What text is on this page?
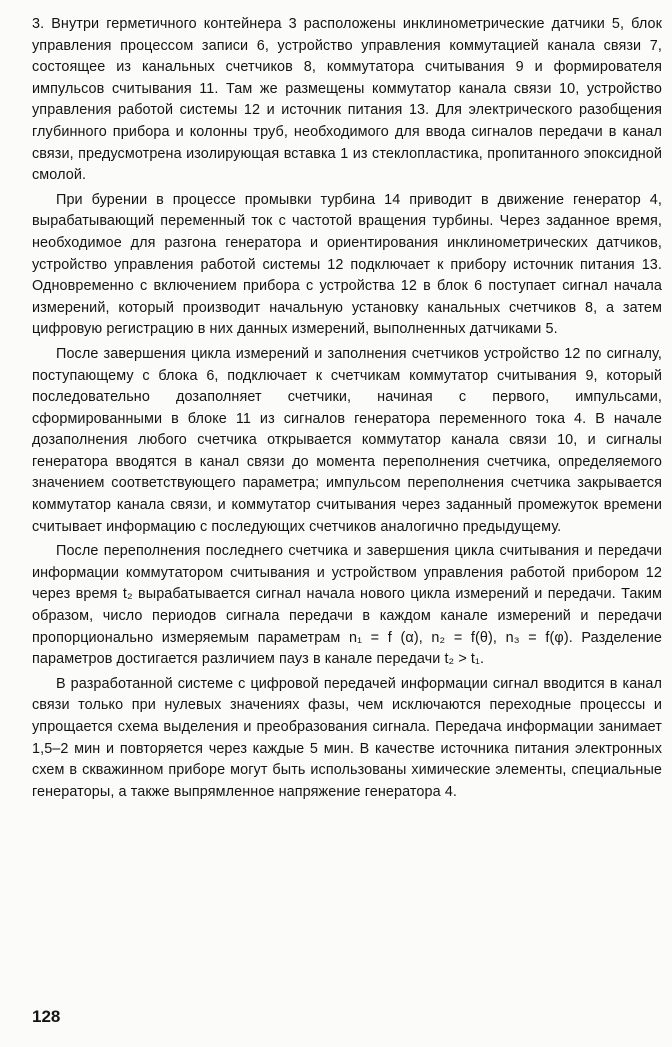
3. Внутри герметичного контейнера 3 расположены инклинометрические датчики 5, блок управления процессом записи 6, устройство управления коммутацией канала связи 7, состоящее из канальных счетчиков 8, коммутатора считывания 9 и формирователя импульсов считывания 11. Там же размещены коммутатор канала связи 10, устройство управления работой системы 12 и источник питания 13. Для электрического разобщения глубинного прибора и колонны труб, необходимого для ввода сигналов передачи в канал связи, предусмотрена изолирующая вставка 1 из стеклопластика, пропитанного эпоксидной смолой.

При бурении в процессе промывки турбина 14 приводит в движение генератор 4, вырабатывающий переменный ток с частотой вращения турбины. Через заданное время, необходимое для разгона генератора и ориентирования инклинометрических датчиков, устройство управления работой системы 12 подключает к прибору источник питания 13. Одновременно с включением прибора с устройства 12 в блок 6 поступает сигнал начала измерений, который производит начальную установку канальных счетчиков 8, а затем цифровую регистрацию в них данных измерений, выполненных датчиками 5.

После завершения цикла измерений и заполнения счетчиков устройство 12 по сигналу, поступающему с блока 6, подключает к счетчикам коммутатор считывания 9, который последовательно дозаполняет счетчики, начиная с первого, импульсами, сформированными в блоке 11 из сигналов генератора переменного тока 4. В начале дозаполнения любого счетчика открывается коммутатор канала связи 10, и сигналы генератора вводятся в канал связи до момента переполнения счетчика, определяемого значением соответствующего параметра; импульсом переполнения счетчика закрывается коммутатор канала связи, и коммутатор считывания через заданный промежуток времени считывает информацию с последующих счетчиков аналогично предыдущему.

После переполнения последнего счетчика и завершения цикла считывания и передачи информации коммутатором считывания и устройством управления работой прибором 12 через время t₂ вырабатывается сигнал начала нового цикла измерений и передачи. Таким образом, число периодов сигнала передачи в каждом канале измерений и передачи пропорционально измеряемым параметрам n₁ = f (α), n₂ = f(θ), n₃ = f(φ). Разделение параметров достигается различием пауз в канале передачи t₂ > t₁.

В разработанной системе с цифровой передачей информации сигнал вводится в канал связи только при нулевых значениях фазы, чем исключаются переходные процессы и упрощается схема выделения и преобразования сигнала. Передача информации занимает 1,5–2 мин и повторяется через каждые 5 мин. В качестве источника питания электронных схем в скважинном приборе могут быть использованы химические элементы, специальные генераторы, а также выпрямленное напряжение генератора 4.

128
